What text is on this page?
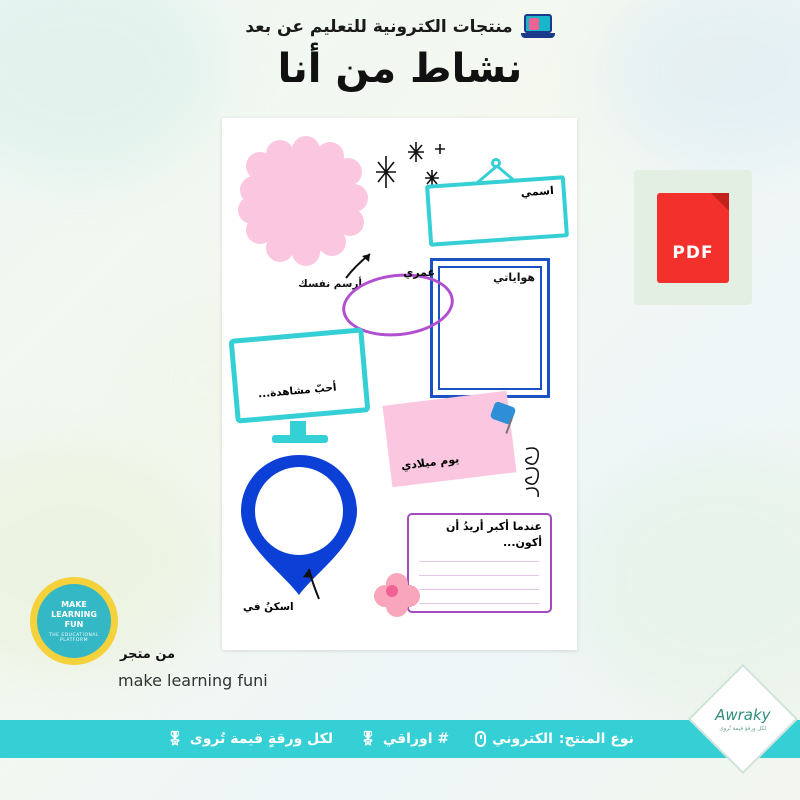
منتجات الكترونية للتعليم عن بعد
نشاط من أنا
PDF
أرسم نفسك
اسمي
هواياتي
عمري
أحبّ مشاهدة...
يوم ميلادي
عندما أكبر أريدُ أن أكون...
اسكنُ في
MAKE
LEARNING
FUN
THE EDUCATIONAL PLATFORM
من متجر
make learning funi
نوع المنتج:
الكتروني
# اوراقي
🎖
لكل ورقةٍ قيمة تُروى
🎖
Awraky
لكل ورقةٍ قيمة تُروى
